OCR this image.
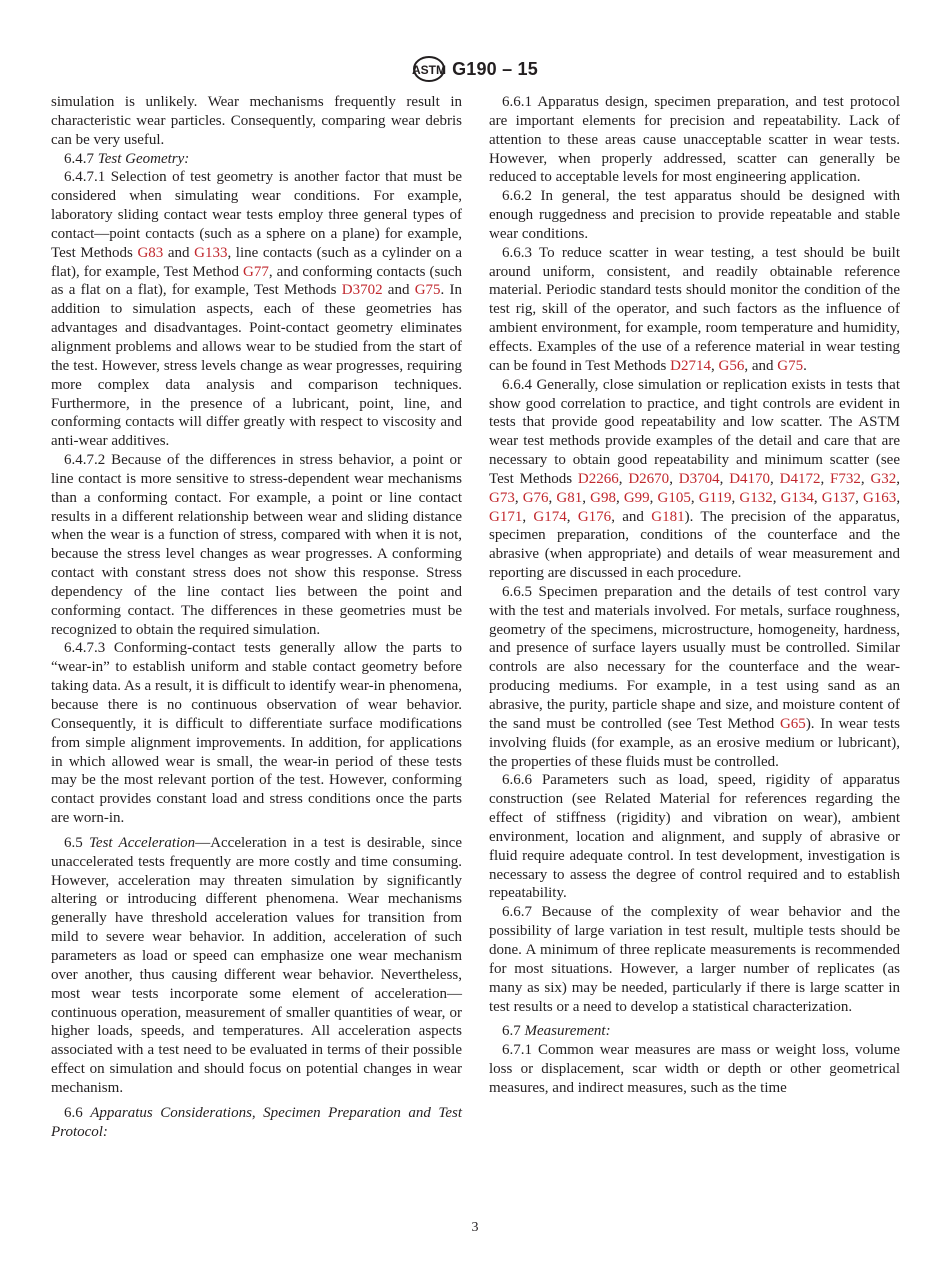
ASTM G190 – 15

simulation is unlikely. Wear mechanisms frequently result in characteristic wear particles. Consequently, comparing wear debris can be very useful.

6.4.7 Test Geometry:

6.4.7.1 Selection of test geometry is another factor that must be considered when simulating wear conditions. For example, laboratory sliding contact wear tests employ three general types of contact—point contacts (such as a sphere on a plane) for example, Test Methods G83 and G133, line contacts (such as a cylinder on a flat), for example, Test Method G77, and conforming contacts (such as a flat on a flat), for example, Test Methods D3702 and G75. In addition to simulation aspects, each of these geometries has advantages and disadvantages. Point-contact geometry eliminates alignment problems and allows wear to be studied from the start of the test. However, stress levels change as wear progresses, requiring more complex data analysis and comparison techniques. Furthermore, in the presence of a lubricant, point, line, and conforming contacts will differ greatly with respect to viscosity and anti-wear additives.

6.4.7.2 Because of the differences in stress behavior, a point or line contact is more sensitive to stress-dependent wear mechanisms than a conforming contact. For example, a point or line contact results in a different relationship between wear and sliding distance when the wear is a function of stress, compared with when it is not, because the stress level changes as wear progresses. A conforming contact with constant stress does not show this response. Stress dependency of the line contact lies between the point and conforming contact. The differences in these geometries must be recognized to obtain the required simulation.

6.4.7.3 Conforming-contact tests generally allow the parts to “wear-in” to establish uniform and stable contact geometry before taking data. As a result, it is difficult to identify wear-in phenomena, because there is no continuous observation of wear behavior. Consequently, it is difficult to differentiate surface modifications from simple alignment improvements. In addition, for applications in which allowed wear is small, the wear-in period of these tests may be the most relevant portion of the test. However, conforming contact provides constant load and stress conditions once the parts are worn-in.

6.5 Test Acceleration—Acceleration in a test is desirable, since unaccelerated tests frequently are more costly and time consuming. However, acceleration may threaten simulation by significantly altering or introducing different phenomena. Wear mechanisms generally have threshold acceleration values for transition from mild to severe wear behavior. In addition, acceleration of such parameters as load or speed can emphasize one wear mechanism over another, thus causing different wear behavior. Nevertheless, most wear tests incorporate some element of acceleration—continuous operation, measurement of smaller quantities of wear, or higher loads, speeds, and temperatures. All acceleration aspects associated with a test need to be evaluated in terms of their possible effect on simulation and should focus on potential changes in wear mechanism.

6.6 Apparatus Considerations, Specimen Preparation and Test Protocol:

6.6.1 Apparatus design, specimen preparation, and test protocol are important elements for precision and repeatability. Lack of attention to these areas cause unacceptable scatter in wear tests. However, when properly addressed, scatter can generally be reduced to acceptable levels for most engineering application.

6.6.2 In general, the test apparatus should be designed with enough ruggedness and precision to provide repeatable and stable wear conditions.

6.6.3 To reduce scatter in wear testing, a test should be built around uniform, consistent, and readily obtainable reference material. Periodic standard tests should monitor the condition of the test rig, skill of the operator, and such factors as the influence of ambient environment, for example, room temperature and humidity, effects. Examples of the use of a reference material in wear testing can be found in Test Methods D2714, G56, and G75.

6.6.4 Generally, close simulation or replication exists in tests that show good correlation to practice, and tight controls are evident in tests that provide good repeatability and low scatter. The ASTM wear test methods provide examples of the detail and care that are necessary to obtain good repeatability and minimum scatter (see Test Methods D2266, D2670, D3704, D4170, D4172, F732, G32, G73, G76, G81, G98, G99, G105, G119, G132, G134, G137, G163, G171, G174, G176, and G181). The precision of the apparatus, specimen preparation, conditions of the counterface and the abrasive (when appropriate) and details of wear measurement and reporting are discussed in each procedure.

6.6.5 Specimen preparation and the details of test control vary with the test and materials involved. For metals, surface roughness, geometry of the specimens, microstructure, homogeneity, hardness, and presence of surface layers usually must be controlled. Similar controls are also necessary for the counterface and the wear-producing mediums. For example, in a test using sand as an abrasive, the purity, particle shape and size, and moisture content of the sand must be controlled (see Test Method G65). In wear tests involving fluids (for example, as an erosive medium or lubricant), the properties of these fluids must be controlled.

6.6.6 Parameters such as load, speed, rigidity of apparatus construction (see Related Material for references regarding the effect of stiffness (rigidity) and vibration on wear), ambient environment, location and alignment, and supply of abrasive or fluid require adequate control. In test development, investigation is necessary to assess the degree of control required and to establish repeatability.

6.6.7 Because of the complexity of wear behavior and the possibility of large variation in test result, multiple tests should be done. A minimum of three replicate measurements is recommended for most situations. However, a larger number of replicates (as many as six) may be needed, particularly if there is large scatter in test results or a need to develop a statistical characterization.

6.7 Measurement:

6.7.1 Common wear measures are mass or weight loss, volume loss or displacement, scar width or depth or other geometrical measures, and indirect measures, such as the time

3
